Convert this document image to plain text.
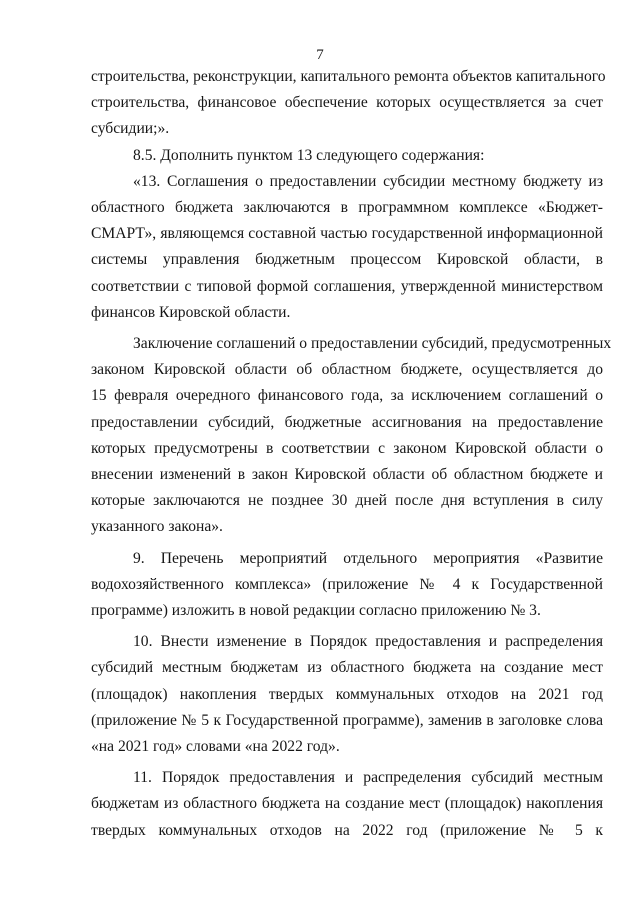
7
строительства, реконструкции, капитального ремонта объектов капитального
строительства, финансовое обеспечение которых осуществляется за счет
субсидии;».
8.5. Дополнить пунктом 13 следующего содержания:
«13. Соглашения о предоставлении субсидии местному бюджету из
областного бюджета заключаются в программном комплексе «Бюджет-
СМАРТ», являющемся составной частью государственной информационной
системы управления бюджетным процессом Кировской области, в
соответствии с типовой формой соглашения, утвержденной министерством
финансов Кировской области.
Заключение соглашений о предоставлении субсидий, предусмотренных
законом Кировской области об областном бюджете, осуществляется до
15 февраля очередного финансового года, за исключением соглашений о
предоставлении субсидий, бюджетные ассигнования на предоставление
которых предусмотрены в соответствии с законом Кировской области о
внесении изменений в закон Кировской области об областном бюджете и
которые заключаются не позднее 30 дней после дня вступления в силу
указанного закона».
9. Перечень мероприятий отдельного мероприятия «Развитие
водохозяйственного комплекса» (приложение № 4 к Государственной
программе) изложить в новой редакции согласно приложению № 3.
10. Внести изменение в Порядок предоставления и распределения
субсидий местным бюджетам из областного бюджета на создание мест
(площадок) накопления твердых коммунальных отходов на 2021 год
(приложение № 5 к Государственной программе), заменив в заголовке слова
«на 2021 год» словами «на 2022 год».
11. Порядок предоставления и распределения субсидий местным
бюджетам из областного бюджета на создание мест (площадок) накопления
твердых коммунальных отходов на 2022 год (приложение № 5 к
